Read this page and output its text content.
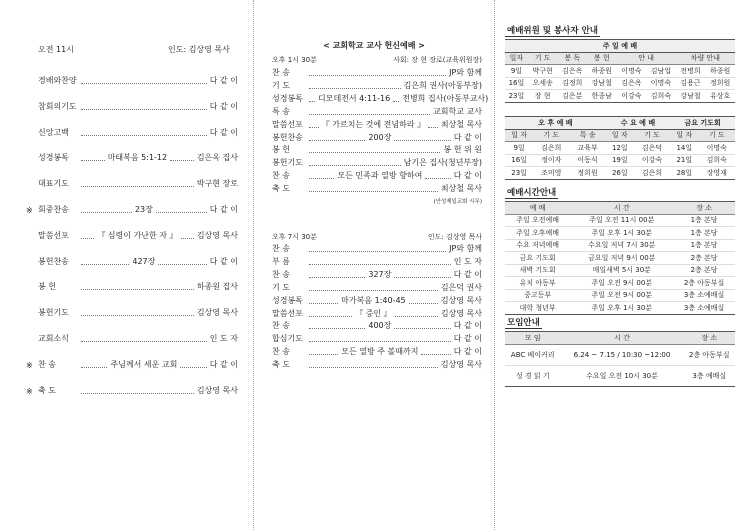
오전 11시	인도: 김상영 목사
경배와찬양	다 같 이
참회의기도	다 같 이
신앙고백	다 같 이
성경봉독	마태복음 5:1-12	김은옥 집사
대표기도	박구현 장로
※ 회중찬송	23장	다 같 이
말씀선포	『 심령이 가난한 자 』 김상영 목사
봉헌찬송	427장	다 같 이
봉 헌	하종원 집사
봉헌기도	김상영 목사
교회소식	인 도 자
※ 찬 송	주님께서 세운 교회	다 같 이
※ 축 도	김상영 목사
< 교회학교 교사 헌신예배 >
오후 1시 30분	사회: 장 현 장로(교육위원장)
찬 송	JP와 함께
기 도	김은희 권사(아동부장)
성경봉독	디모데전서 4:11-16 전병희 집사(아동부교사)
특 송	교회학교 교사
말씀선포	『 가르치는 것에 전념하라 』 최상철 목사
봉헌찬송	200장	다 같 이
봉 헌	봉 헌 위 원
봉헌기도	남기은 집사(청년부장)
찬 송	모든 민족과 열방 향하여	다 같 이
축 도	최상철 목사
(안성제일교회 시무)
오후 7시 30분	인도: 김상영 목사
찬 송	JP와 함께
부 름	인 도 자
찬 송	327장	다 같 이
기 도	김은덕 권사
성경봉독	마가복음 1:40-45	김상영 목사
말씀선포	『 증인 』	김상영 목사
찬 송	400장	다 같 이
합심기도	다 같 이
찬 송	모든 열방 주 볼때까지	다 같 이
축 도	김상영 목사
예배위원 및 봉사자 안내
주 일 예 배							
일자	기 도	봉 독	봉 헌	안 내		차량 안내	
9일	박구현	김은옥	하종원	이명숙	김남업	전병희	하종원
16일	오세송	김정희	강남철	김은옥	이명숙	김용근	정희원
23일	장 현	김은분	한종남	이강숙	김희숙	강남철	유상호
오 후 예 배			수 요 예 배		금요 기도회	
일 자	기 도	특 송	일 자	기 도	일 자	기 도
9일	김은희	교육부	12일	김은덕	14일	이명숙
16일	정이자	이동식	19일	이강숙	21일	김희숙
23일	조미영	정희원	26일	김은희	28일	장영재
예배시간안내
예 배	시 간	장 소
주일 오전예배	주일 오전 11시 00분	1층 본당
주일 오후예배	주일 오후 1시 30분	1층 본당
수요 저녁예배	수요일 저녁 7시 30분	1층 본당
금요 기도회	금요일 저녁 9시 00분	2층 본당
새벽 기도회	매일새벽 5시 30분	2층 본당
유치 아동부	주일 오전 9시 00분	2층 아동부실
중고등부	주일 오전 9시 00분	3층 소예배실
대학 청년부	주일 오후 1시 30분	3층 소예배실
모임안내
모 임	시 간	장 소
ABC 베이커리	6.24 ~ 7.15 / 10:30 ~12:00	2층 아동부실
성 경 읽 기	수요일 오전 10시 30분	3층 예배실
